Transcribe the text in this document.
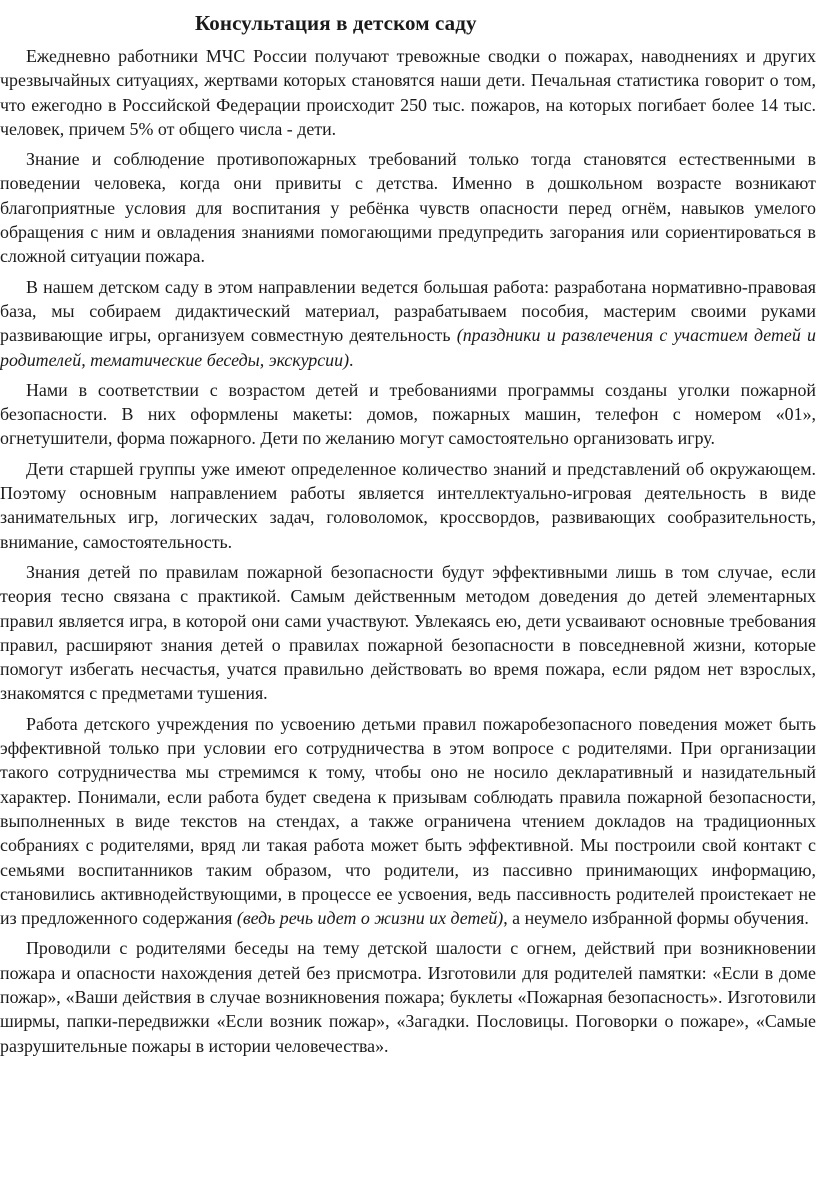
Консультация в детском саду

Ежедневно работники МЧС России получают тревожные сводки о пожарах, наводнениях и других чрезвычайных ситуациях, жертвами которых становятся наши дети. Печальная статистика говорит о том, что ежегодно в Российской Федерации происходит 250 тыс. пожаров, на которых погибает более 14 тыс. человек, причем 5% от общего числа - дети.

Знание и соблюдение противопожарных требований только тогда становятся естественными в поведении человека, когда они привиты с детства. Именно в дошкольном возрасте возникают благоприятные условия для воспитания у ребёнка чувств опасности перед огнём, навыков умелого обращения с ним и овладения знаниями помогающими предупредить загорания или сориентироваться в сложной ситуации пожара.

В нашем детском саду в этом направлении ведется большая работа: разработана нормативно-правовая база, мы собираем дидактический материал, разрабатываем пособия, мастерим своими руками развивающие игры, организуем совместную деятельность (праздники и развлечения с участием детей и родителей, тематические беседы, экскурсии).

Нами в соответствии с возрастом детей и требованиями программы созданы уголки пожарной безопасности. В них оформлены макеты: домов, пожарных машин, телефон с номером «01», огнетушители, форма пожарного. Дети по желанию могут самостоятельно организовать игру.

Дети старшей группы уже имеют определенное количество знаний и представлений об окружающем. Поэтому основным направлением работы является интеллектуально-игровая деятельность в виде занимательных игр, логических задач, головоломок, кроссвордов, развивающих сообразительность, внимание, самостоятельность.

Знания детей по правилам пожарной безопасности будут эффективными лишь в том случае, если теория тесно связана с практикой. Самым действенным методом доведения до детей элементарных правил является игра, в которой они сами участвуют. Увлекаясь ею, дети усваивают основные требования правил, расширяют знания детей о правилах пожарной безопасности в повседневной жизни, которые помогут избегать несчастья, учатся правильно действовать во время пожара, если рядом нет взрослых, знакомятся с предметами тушения.

Работа детского учреждения по усвоению детьми правил пожаробезопасного поведения может быть эффективной только при условии его сотрудничества в этом вопросе с родителями. При организации такого сотрудничества мы стремимся к тому, чтобы оно не носило декларативный и назидательный характер. Понимали, если работа будет сведена к призывам соблюдать правила пожарной безопасности, выполненных в виде текстов на стендах, а также ограничена чтением докладов на традиционных собраниях с родителями, вряд ли такая работа может быть эффективной. Мы построили свой контакт с семьями воспитанников таким образом, что родители, из пассивно принимающих информацию, становились активнодействующими, в процессе ее усвоения, ведь пассивность родителей проистекает не из предложенного содержания (ведь речь идет о жизни их детей), а неумело избранной формы обучения.

Проводили с родителями беседы на тему детской шалости с огнем, действий при возникновении пожара и опасности нахождения детей без присмотра. Изготовили для родителей памятки: «Если в доме пожар», «Ваши действия в случае возникновения пожара; буклеты «Пожарная безопасность». Изготовили ширмы, папки-передвижки «Если возник пожар», «Загадки. Пословицы. Поговорки о пожаре», «Самые разрушительные пожары в истории человечества».
